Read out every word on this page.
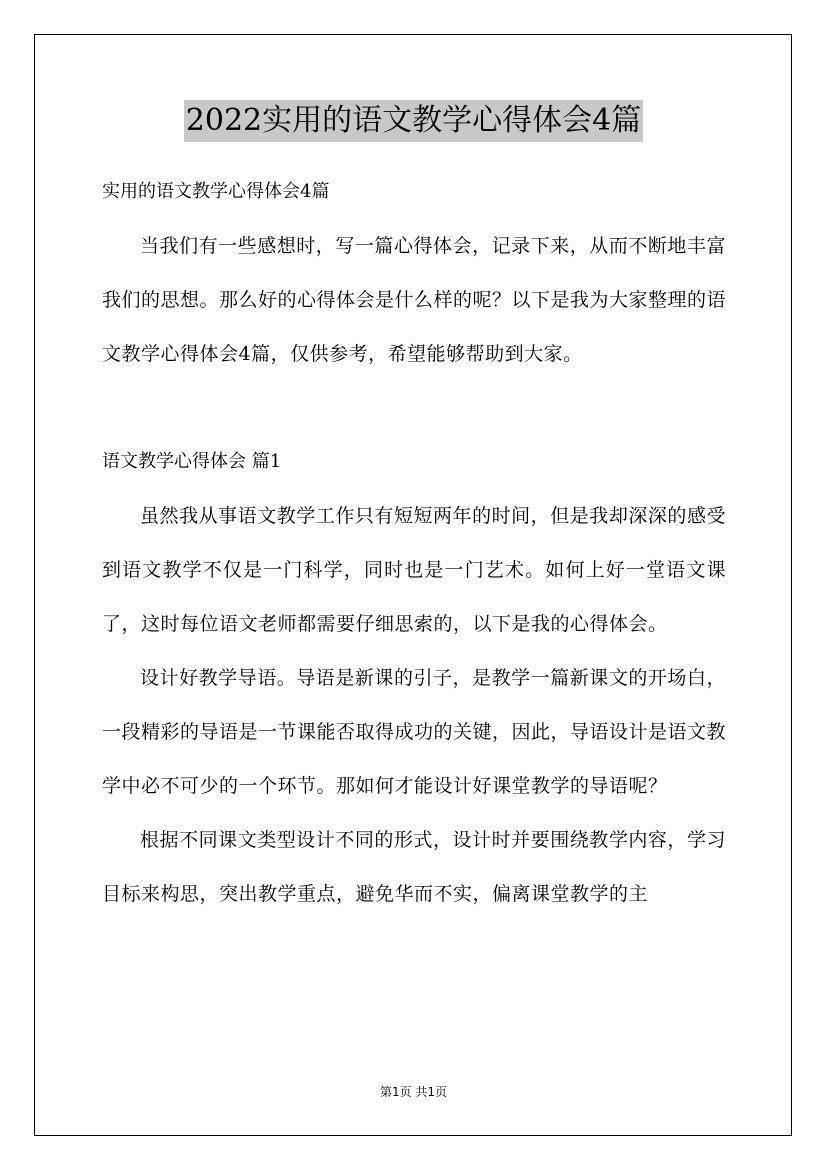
2022实用的语文教学心得体会4篇

实用的语文教学心得体会4篇

当我们有一些感想时，写一篇心得体会，记录下来，从而不断地丰富我们的思想。那么好的心得体会是什么样的呢？以下是我为大家整理的语文教学心得体会4篇，仅供参考，希望能够帮助到大家。

语文教学心得体会 篇1

虽然我从事语文教学工作只有短短两年的时间，但是我却深深的感受到语文教学不仅是一门科学，同时也是一门艺术。如何上好一堂语文课了，这时每位语文老师都需要仔细思索的，以下是我的心得体会。

设计好教学导语。导语是新课的引子，是教学一篇新课文的开场白，一段精彩的导语是一节课能否取得成功的关键，因此，导语设计是语文教学中必不可少的一个环节。那如何才能设计好课堂教学的导语呢？

根据不同课文类型设计不同的形式，设计时并要围绕教学内容，学习目标来构思，突出教学重点，避免华而不实，偏离课堂教学的主

第1页 共1页
